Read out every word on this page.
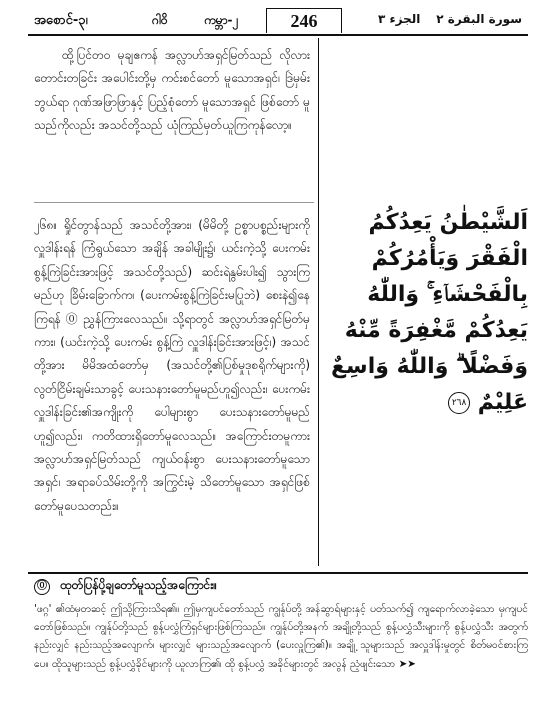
အစောင်-၃၊	ဂါဝိ	ကမ္ဘာ-၂	246	الجزء ٣ سورة البقرة ٢
ထို့ပြင်တဝ မုချဧကန် အလ္လာဟ်အရှင်မြတ်သည် လိုလား တောင်းတခြင်း အပေါင်းတို့မှ ကင်းစင်တော် မူသောအရှင်၊ ဒြဲမှမ်းဘွယ်ရာ ဂုဏ်အဖြာဖြာနှင့် ပြည့်စုံတော် မူသောအရှင် ဖြစ်တော် မူသည်ကိုလည်း အသင်တို့သည် ယုံကြည်မှတ်ယူကြကုန်လော့။
၂၆၈။ ရှိုင်တွာန်သည် အသင်တို့အား၊ (မိမိတို့ ဥစ္စာပစ္စည်းများကို လှူဒါန်းရန် ကြံရွယ်သော အချိန် အခါမျိုး၌၊ ယင်းကဲ့သို့ ပေးကမ်းစွန့်ကြဲခြင်းအားဖြင့် အသင်တို့သည်) ဆင်းရဲနွမ်းပါး၍ သွားကြမည်ဟု ခြိမ်းခြောက်က၊ (ပေးကမ်းစွန့်ကြဲခြင်းမပြုဘဲ) စေးနဲ၍နေကြရန် ⓪ ညွှန်ကြားလေသည်။ သို့ရာတွင် အလ္လာဟ်အရှင်မြတ်မှကား၊ (ယင်းကဲ့သို့ ပေးကမ်း စွန့်ကြဲ လှူဒါန်းခြင်းအားဖြင့်၊) အသင်တို့အား မိမိအထံတော်မှ (အသင်တို့၏ပြစ်မှုဒုစရိုက်များကို) လွတ်ငြိမ်းချမ်းသာခွင့် ပေးသနားတော်မူမည်ဟူ၍လည်း၊ ပေးကမ်း လှူဒါန်းခြင်း၏အကျိုးကို ပေါများစွာ ပေးသနားတော်မူမည်ဟူ၍လည်း၊ ကတိထားရှိတော်မူလေသည်။ အကြောင်းတမူကား အလ္လာဟ်အရှင်မြတ်သည် ကျယ်ဝန်းစွာ ပေးသနားတော်မူသောအရှင်၊ အရာခပ်သိမ်းတို့ကို အကြွင်းမဲ့ သိတော်မူသော အရှင်ဖြစ်တော်မူပေသတည်း။
اَلشَّيْطٰنُ يَعِدُكُمُ الْفَقْرَ وَيَأْمُرُكُمْ بِالْفَحْشَاۤءِ ۚ وَاللّٰهُ يَعِدُكُمْ مَّغْفِرَةً مِّنْهُ وَفَضْلًا ۗ وَاللّٰهُ وَاسِعٌ عَلِيْمٌ ٢٦٨
⓪ ထုတ်ပြန်ပို့ချတော်မူသည့်အကြောင်း။
'ဖဂ္ဂ' ၏ထံမှတဆင့် ဤသို့ကြားသိရ၏။ ဤမှကျပင်တော်သည် ကျွန်ုပ်တို့ အန်ဆွာရ်များနှင့် ပတ်သက်၍ ကျရောက်လာခဲ့သော မှကျပင်တော်ဖြစ်သည်။ ကျွန်ုပ်တို့သည် စွန့်ပလွှံကြံရှင်များဖြစ်ကြသည်။ ကျွန်ုပ်တို့အနက် အချို့တို့သည် စွန့်ပလွှံသီးများကို စွန့်ပလွှံသီး အတွက်နည်းလျှင် နည်းသည့်အလျောက်၊ များလျှင် များသည့်အလျောက် (ပေးလှူကြ၏)။ အချို့ သူများသည် အလှူဒါန်းမှုတွင် စိတ်မဝင်စားကြပေ။ ထိုသူများသည် စွန့်ပလွှံခိုင်များကို ယူလာကြ၏၊ ထို စွန့်ပလွှံ အခိုင်များတွင် အလွန် ညံ့ဖျင်းသော ➤➤
